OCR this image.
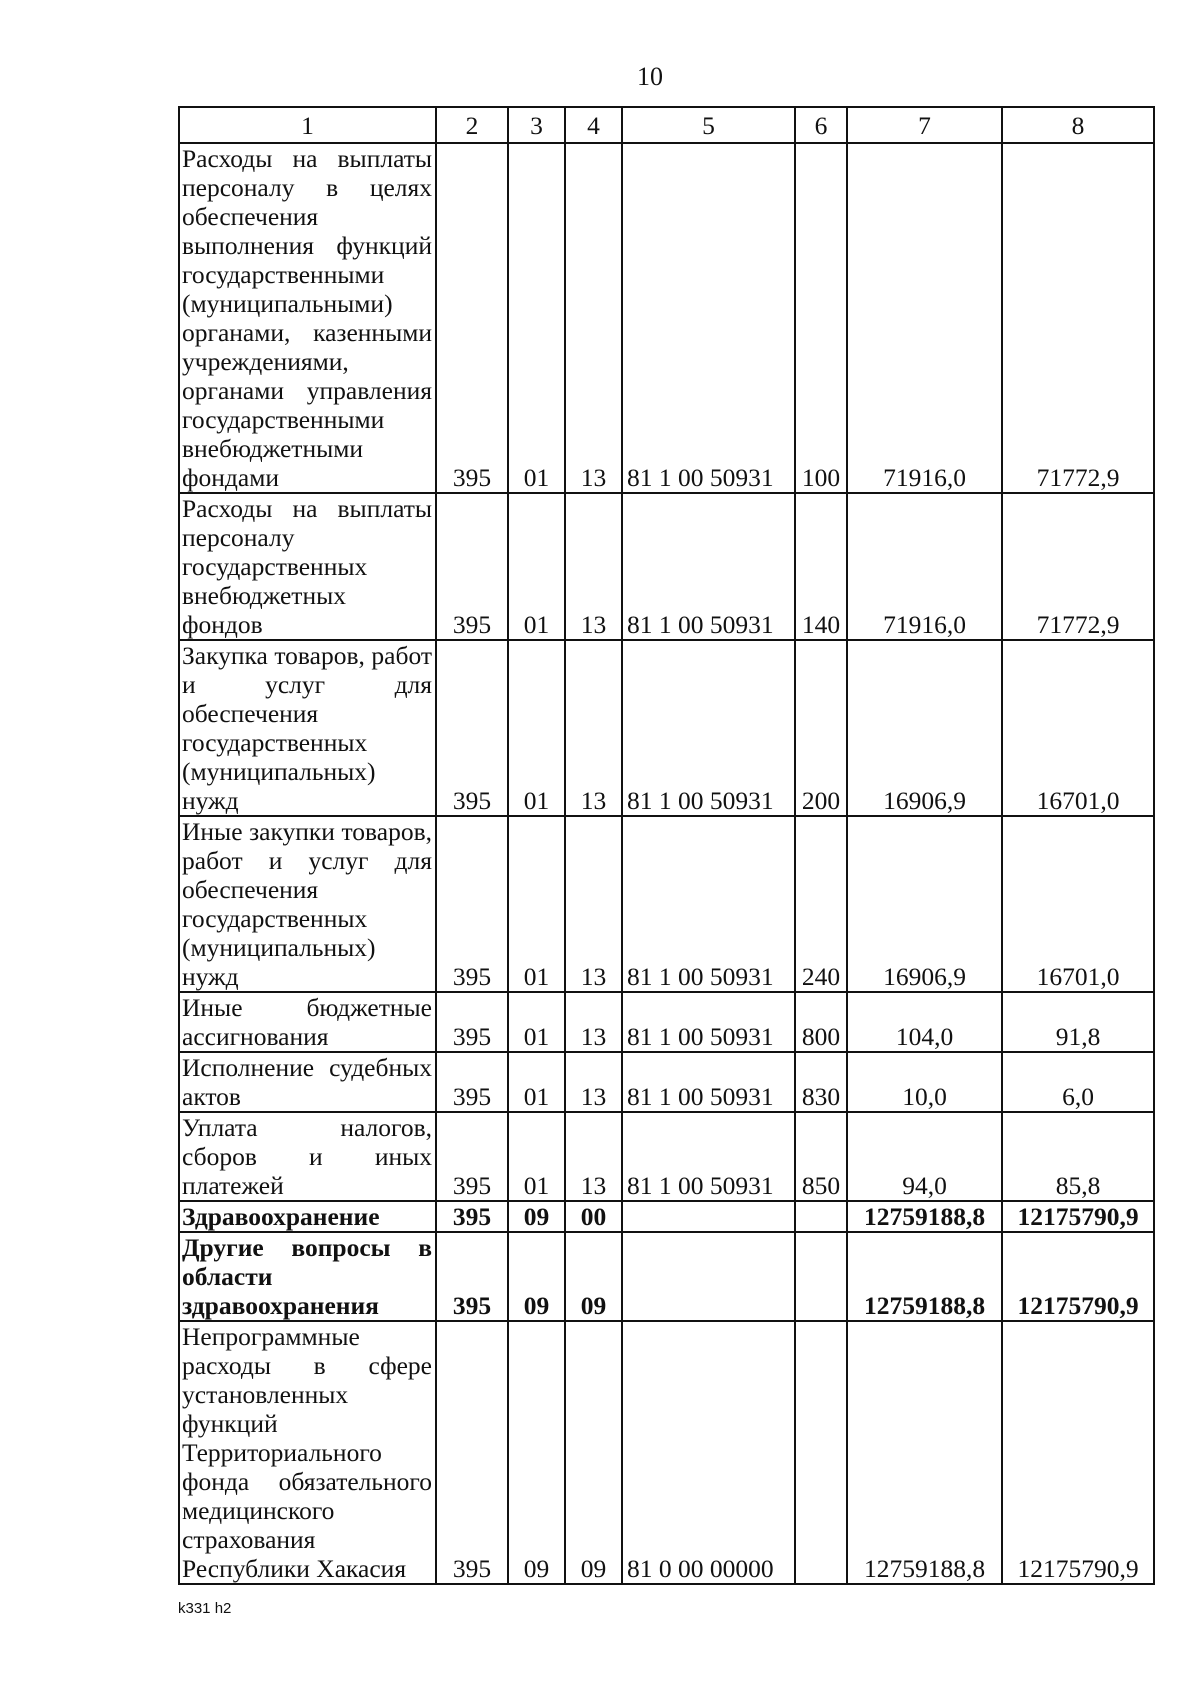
10
1	2	3	4	5	6	7	8
Расходы на выплаты персоналу в целях обеспечения выполнения функций государственными (муниципальными) органами, казенными учреждениями, органами управления государственными внебюджетными фондами	395	01	13	81 1 00 50931	100	71916,0	71772,9
Расходы на выплаты персоналу государственных внебюджетных фондов	395	01	13	81 1 00 50931	140	71916,0	71772,9
Закупка товаров, работ и услуг для обеспечения государственных (муниципальных) нужд	395	01	13	81 1 00 50931	200	16906,9	16701,0
Иные закупки товаров, работ и услуг для обеспечения государственных (муниципальных) нужд	395	01	13	81 1 00 50931	240	16906,9	16701,0
Иные бюджетные ассигнования	395	01	13	81 1 00 50931	800	104,0	91,8
Исполнение судебных актов	395	01	13	81 1 00 50931	830	10,0	6,0
Уплата налогов, сборов и иных платежей	395	01	13	81 1 00 50931	850	94,0	85,8
Здравоохранение	395	09	00			12759188,8	12175790,9
Другие вопросы в области здравоохранения	395	09	09			12759188,8	12175790,9
Непрограммные расходы в сфере установленных функций Территориального фонда обязательного медицинского страхования Республики Хакасия	395	09	09	81 0 00 00000		12759188,8	12175790,9
k331 h2
